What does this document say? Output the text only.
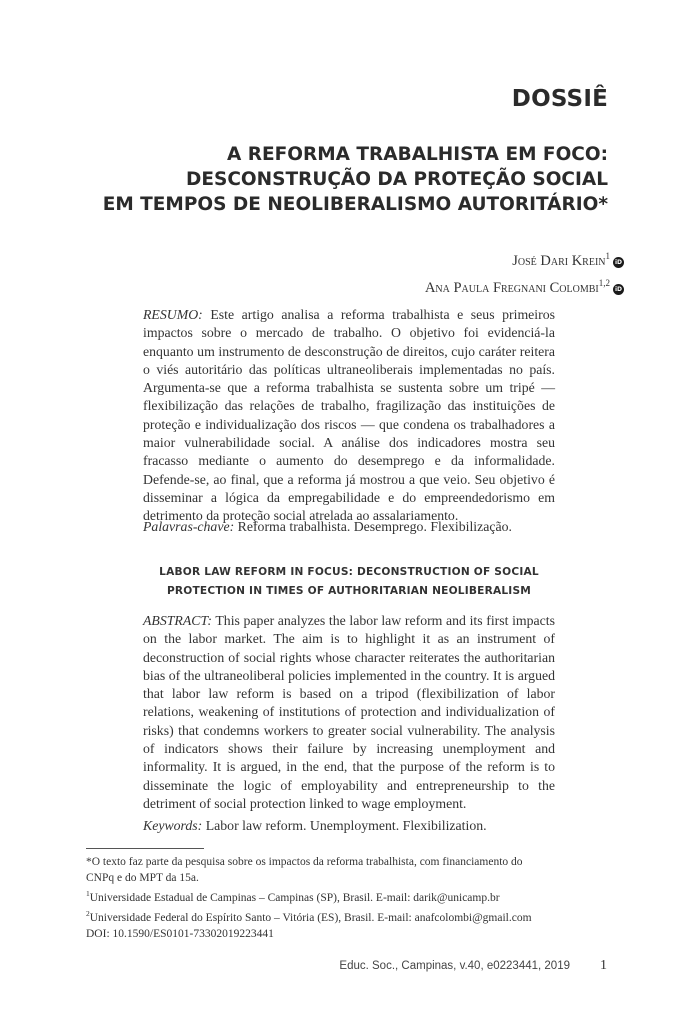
DOSSIÊ
A REFORMA TRABALHISTA EM FOCO:
DESCONSTRUÇÃO DA PROTEÇÃO SOCIAL
EM TEMPOS DE NEOLIBERALISMO AUTORITÁRIO*
José Dari Krein$^1$iD
Ana Paula Fregnani Colombi$^{1,2}$iD
RESUMO: Este artigo analisa a reforma trabalhista e seus primeiros impactos sobre o mercado de trabalho. O objetivo foi evidenciá-la enquanto um instrumento de desconstrução de direitos, cujo caráter reitera o viés autoritário das políticas ultraneoliberais implementadas no país. Argumenta-se que a reforma trabalhista se sustenta sobre um tripé — flexibilização das relações de trabalho, fragilização das instituições de proteção e individualização dos riscos — que condena os trabalhadores a maior vulnerabilidade social. A análise dos indicadores mostra seu fracasso mediante o aumento do desemprego e da informalidade. Defende-se, ao final, que a reforma já mostrou a que veio. Seu objetivo é disseminar a lógica da empregabilidade e do empreendedorismo em detrimento da proteção social atrelada ao assalariamento.
Palavras-chave: Reforma trabalhista. Desemprego. Flexibilização.
LABOR LAW REFORM IN FOCUS: DECONSTRUCTION OF SOCIAL
PROTECTION IN TIMES OF AUTHORITARIAN NEOLIBERALISM
ABSTRACT: This paper analyzes the labor law reform and its first impacts on the labor market. The aim is to highlight it as an instrument of deconstruction of social rights whose character reiterates the authoritarian bias of the ultraneoliberal policies implemented in the country. It is argued that labor law reform is based on a tripod (flexibilization of labor relations, weakening of institutions of protection and individualization of risks) that condemns workers to greater social vulnerability. The analysis of indicators shows their failure by increasing unemployment and informality. It is argued, in the end, that the purpose of the reform is to disseminate the logic of employability and entrepreneurship to the detriment of social protection linked to wage employment.
Keywords: Labor law reform. Unemployment. Flexibilization.
*O texto faz parte da pesquisa sobre os impactos da reforma trabalhista, com financiamento do
CNPq e do MPT da 15a.
$^1$Universidade Estadual de Campinas – Campinas (SP), Brasil. E-mail: darik@unicamp.br
$^2$Universidade Federal do Espírito Santo – Vitória (ES), Brasil. E-mail: anafcolombi@gmail.com
DOI: 10.1590/ES0101-73302019223441
Educ. Soc., Campinas, v.40, e0223441, 2019 1
